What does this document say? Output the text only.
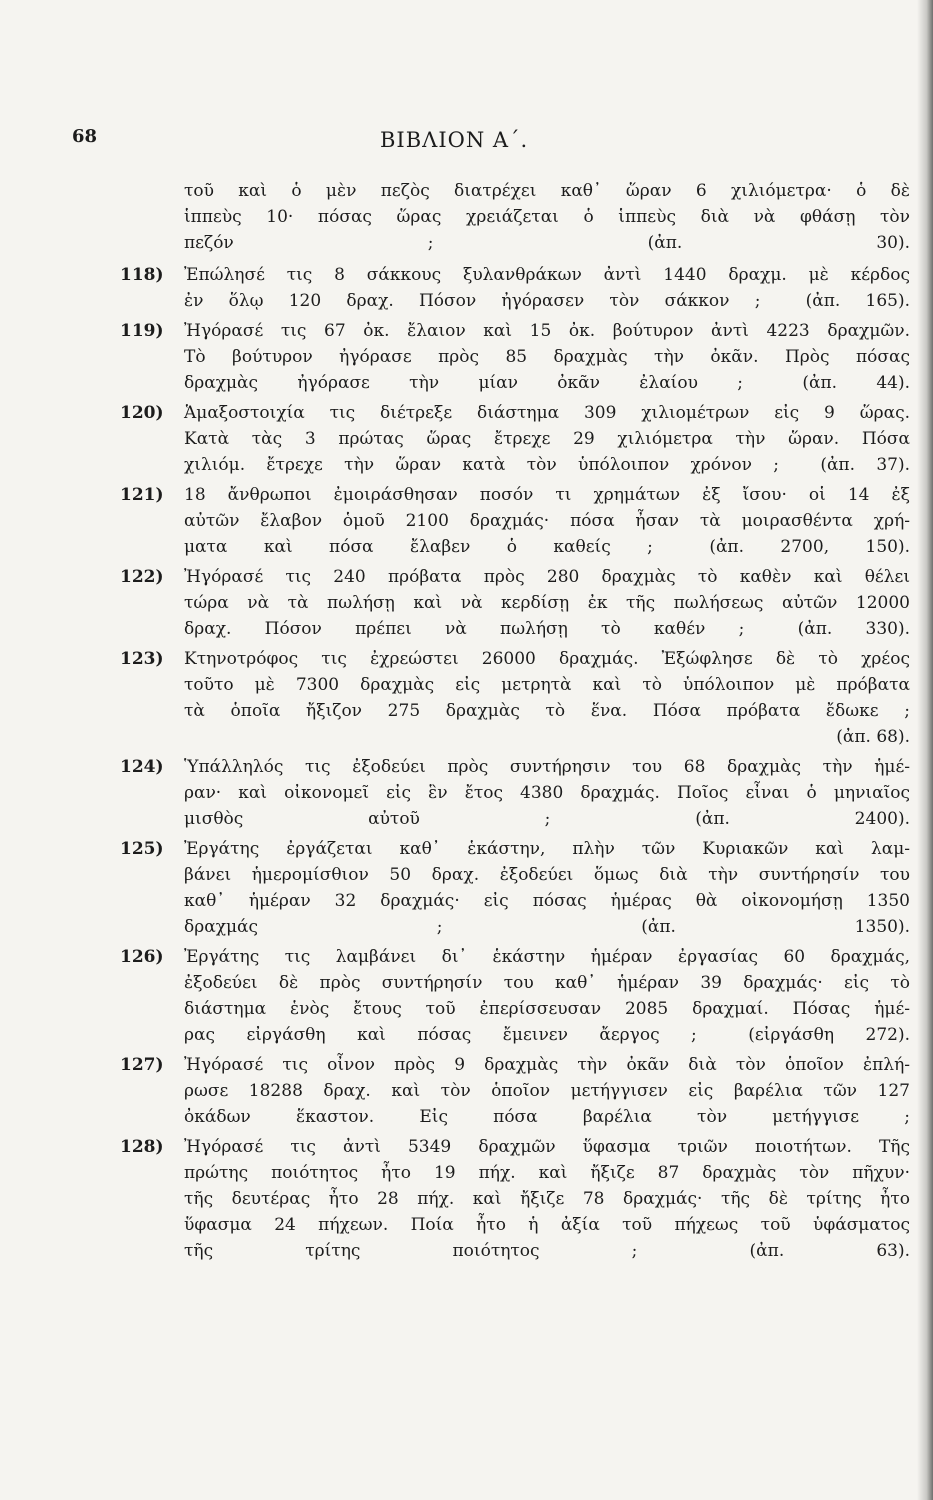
68	ΒΙΒΛΙΟΝ Α΄.
τοῦ καὶ ὁ μὲν πεζὸς διατρέχει καθ᾿ ὥραν 6 χιλιόμετρα· ὁ δὲ
ἱππεὺς 10· πόσας ὥρας χρειάζεται ὁ ἱππεὺς διὰ νὰ φθάσῃ τὸν
πεζόν ;	(ἀπ. 30).
118) Ἐπώλησέ τις 8 σάκκους ξυλανθράκων ἀντὶ 1440 δραχμ. μὲ κέρδος
ἐν ὅλῳ 120 δραχ. Πόσον ἠγόρασεν τὸν σάκκον ;	(ἀπ. 165).
119) Ἠγόρασέ τις 67 ὀκ. ἔλαιον καὶ 15 ὀκ. βούτυρον ἀντὶ 4223 δραχμῶν.
Τὸ βούτυρον ἠγόρασε πρὸς 85 δραχμὰς τὴν ὀκᾶν. Πρὸς πόσας
δραχμὰς ἠγόρασε τὴν μίαν ὀκᾶν ἐλαίου ;	(ἀπ. 44).
120) Ἁμαξοστοιχία τις διέτρεξε διάστημα 309 χιλιομέτρων εἰς 9 ὥρας.
Κατὰ τὰς 3 πρώτας ὥρας ἔτρεχε 29 χιλιόμετρα τὴν ὥραν. Πόσα
χιλιόμ. ἔτρεχε τὴν ὥραν κατὰ τὸν ὑπόλοιπον χρόνον ; (ἀπ. 37).
121) 18 ἄνθρωποι ἐμοιράσθησαν ποσόν τι χρημάτων ἐξ ἴσου· οἱ 14 ἐξ
αὐτῶν ἔλαβον ὁμοῦ 2100 δραχμάς· πόσα ἦσαν τὰ μοιρασθέντα χρή-
ματα καὶ πόσα ἔλαβεν ὁ καθείς ;	(ἀπ. 2700, 150).
122) Ἠγόρασέ τις 240 πρόβατα πρὸς 280 δραχμὰς τὸ καθὲν καὶ θέλει
τώρα νὰ τὰ πωλήσῃ καὶ νὰ κερδίσῃ ἐκ τῆς πωλήσεως αὐτῶν 12000
δραχ. Πόσον πρέπει νὰ πωλήσῃ τὸ καθέν ;	(ἀπ. 330).
123) Κτηνοτρόφος τις ἐχρεώστει 26000 δραχμάς. Ἐξώφλησε δὲ τὸ χρέος
τοῦτο μὲ 7300 δραχμὰς εἰς μετρητὰ καὶ τὸ ὑπόλοιπον μὲ πρόβατα
τὰ ὁποῖα ἤξιζον 275 δραχμὰς τὸ ἕνα. Πόσα πρόβατα ἔδωκε ;
(ἀπ. 68).
124) Ὑπάλληλός τις ἐξοδεύει πρὸς συντήρησιν του 68 δραχμὰς τὴν ἡμέ-
ραν· καὶ οἰκονομεῖ εἰς ἓν ἔτος 4380 δραχμάς. Ποῖος εἶναι ὁ μηνιαῖος
μισθὸς αὐτοῦ ;	(ἀπ. 2400).
125) Ἐργάτης ἐργάζεται καθ᾿ ἑκάστην, πλὴν τῶν Κυριακῶν καὶ λαμ-
βάνει ἡμερομίσθιον 50 δραχ. ἐξοδεύει ὅμως διὰ τὴν συντήρησίν του
καθ᾿ ἡμέραν 32 δραχμάς· εἰς πόσας ἡμέρας θὰ οἰκονομήσῃ 1350
δραχμάς ;	(ἀπ. 1350).
126) Ἐργάτης τις λαμβάνει δι᾿ ἑκάστην ἡμέραν ἐργασίας 60 δραχμάς,
ἐξοδεύει δὲ πρὸς συντήρησίν του καθ᾿ ἡμέραν 39 δραχμάς· εἰς τὸ
διάστημα ἑνὸς ἔτους τοῦ ἐπερίσσευσαν 2085 δραχμαί. Πόσας ἡμέ-
ρας εἰργάσθη καὶ πόσας ἔμεινεν ἄεργος ;	(εἰργάσθη 272).
127) Ἠγόρασέ τις οἶνον πρὸς 9 δραχμὰς τὴν ὀκᾶν διὰ τὸν ὁποῖον ἐπλή-
ρωσε 18288 δραχ. καὶ τὸν ὁποῖον μετήγγισεν εἰς βαρέλια τῶν 127
ὀκάδων ἕκαστον. Εἰς πόσα βαρέλια τὸν μετήγγισε ;
128) Ἠγόρασέ τις ἀντὶ 5349 δραχμῶν ὕφασμα τριῶν ποιοτήτων. Τῆς
πρώτης ποιότητος ἦτο 19 πήχ. καὶ ἤξιζε 87 δραχμὰς τὸν πῆχυν·
τῆς δευτέρας ἦτο 28 πήχ. καὶ ἤξιζε 78 δραχμάς· τῆς δὲ τρίτης ἦτο
ὕφασμα 24 πήχεων. Ποία ἦτο ἡ ἀξία τοῦ πήχεως τοῦ ὑφάσματος
τῆς τρίτης ποιότητος ;	(ἀπ. 63).
